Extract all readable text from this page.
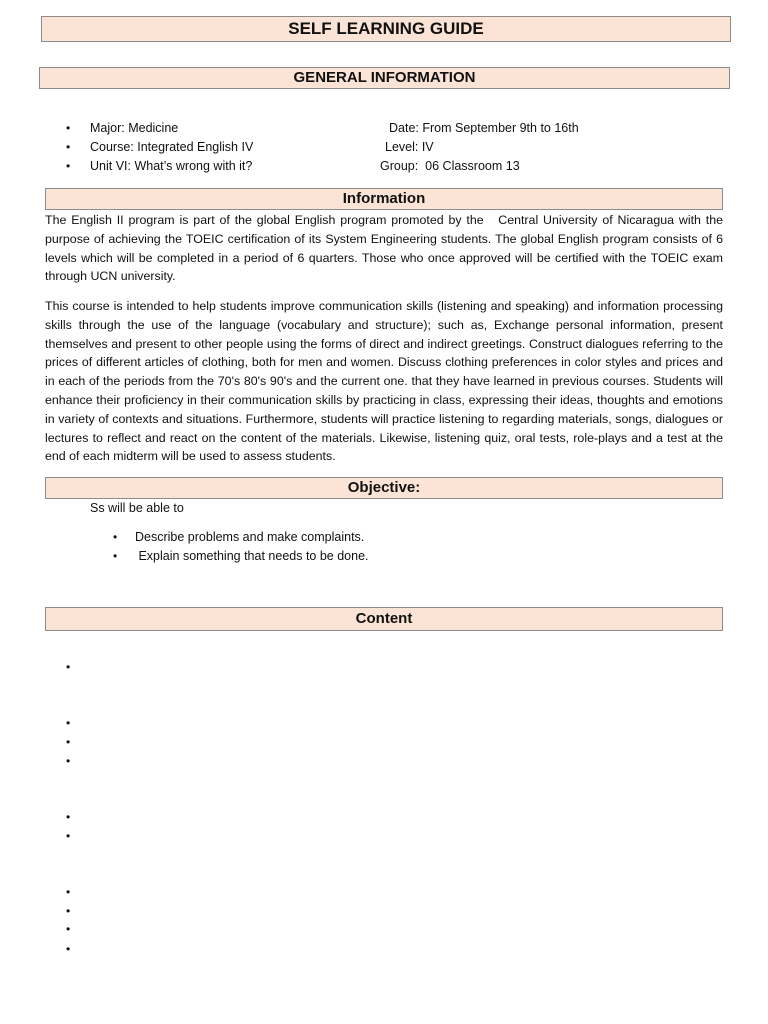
SELF LEARNING GUIDE
GENERAL INFORMATION
• Major: Medicine	Date: From September 9th to 16th
• Course: Integrated English IV	Level: IV
• Unit VI: What’s wrong with it?	Group:  06 Classroom 13
Information

The English II program is part of the global English program promoted by the   Central University of Nicaragua with the purpose of achieving the TOEIC certification of its System Engineering students. The global English program consists of 6 levels which will be completed in a period of 6 quarters. Those who once approved will be certified with the TOEIC exam through UCN university.

This course is intended to help students improve communication skills (listening and speaking) and information processing skills through the use of the language (vocabulary and structure); such as, Exchange personal information, present themselves and present to other people using the forms of direct and indirect greetings. Construct dialogues referring to the prices of different articles of clothing, both for men and women. Discuss clothing preferences in color styles and prices and in each of the periods from the 70's 80's 90's and the current one. that they have learned in previous courses. Students will enhance their proficiency in their communication skills by practicing in class, expressing their ideas, thoughts and emotions in variety of contexts and situations. Furthermore, students will practice listening to regarding materials, songs, dialogues or lectures to reflect and react on the content of the materials. Likewise, listening quiz, oral tests, role-plays and a test at the end of each midterm will be used to assess students.

Objective:
Ss will be able to
• Describe problems and make complaints.
• Explain something that needs to be done.
Content
•
•
•
•
•
•
•
•
•
•
